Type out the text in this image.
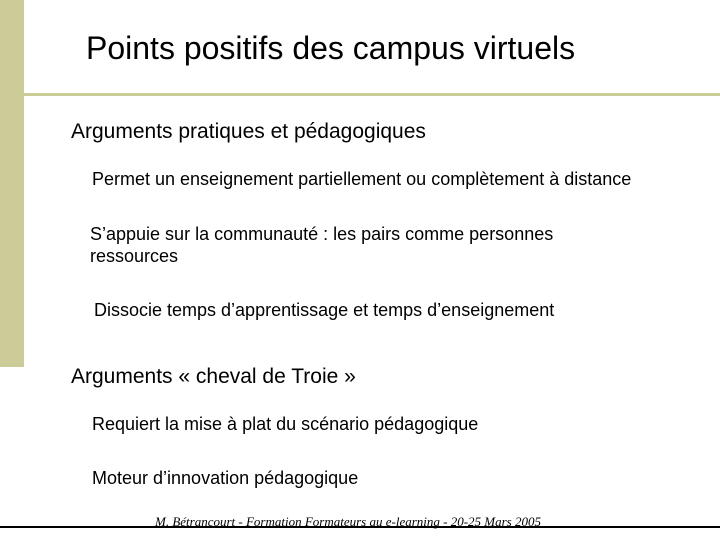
Points positifs des campus virtuels
Arguments pratiques et pédagogiques
Permet un enseignement partiellement ou complètement à distance
S’appuie sur la communauté : les pairs comme personnes ressources
Dissocie temps d’apprentissage et temps d’enseignement
Arguments « cheval de Troie »
Requiert la mise à plat du scénario pédagogique
Moteur d’innovation pédagogique
M. Bétrancourt - Formation Formateurs au e-learning - 20-25 Mars 2005
